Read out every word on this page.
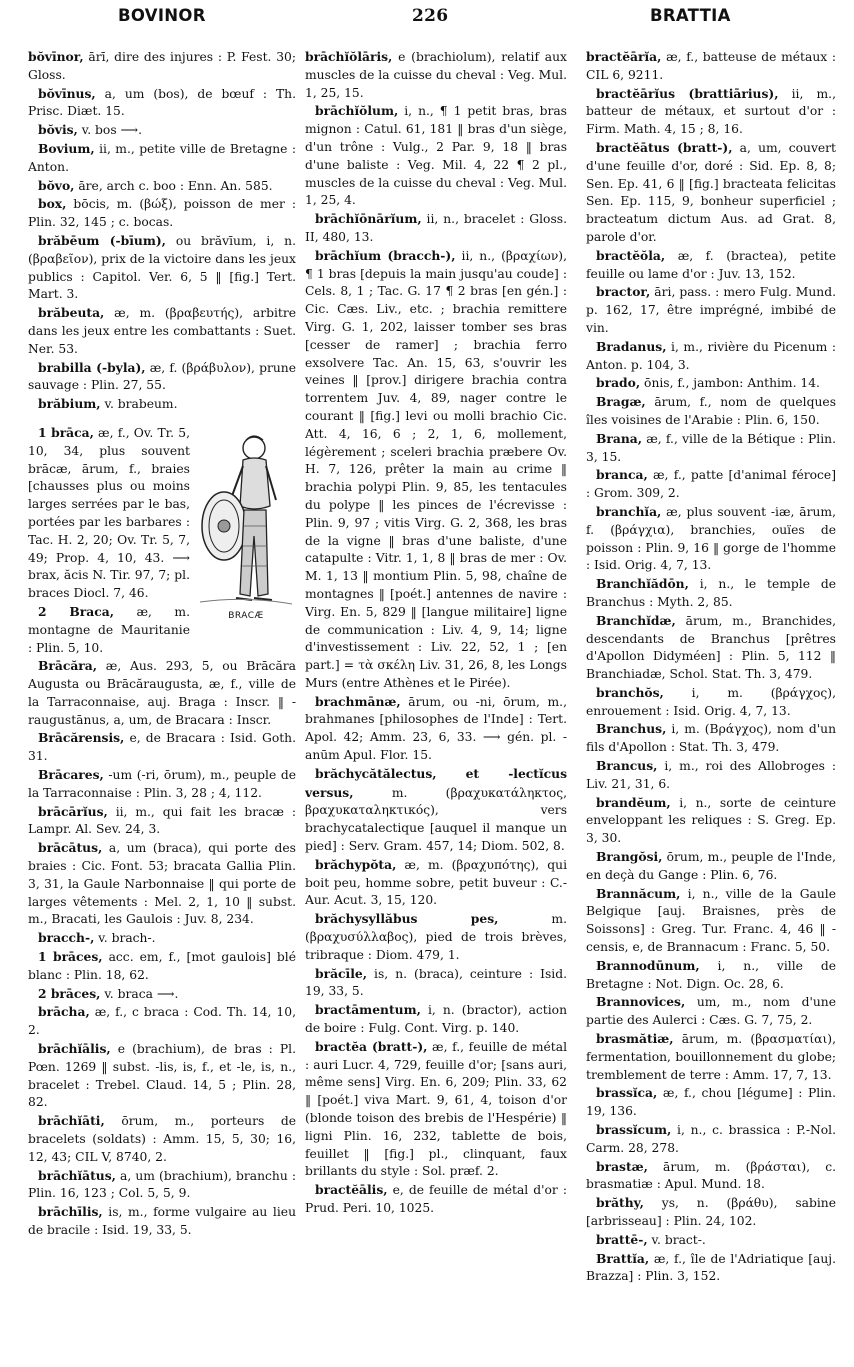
BOVINOR	226	BRATTIA

bŏvīnor, ārī, dire des injures : P. Fest. 30; Gloss.

bŏvīnus, a, um (bos), de bœuf : Th. Prisc. Diæt. 15.

bŏvis, v. bos ⟶.

Bovium, ii, m., petite ville de Bretagne : Anton.

bŏvo, āre, arch c. boo : Enn. An. 585.

box, bōcis, m. (βώξ), poisson de mer : Plin. 32, 145 ; c. bocas.

brăbēum (-bīum), ou brăvīum, i, n. (βραβεῖον), prix de la victoire dans les jeux publics : Capitol. Ver. 6, 5 ‖ [fig.] Tert. Mart. 3.

brăbeuta, æ, m. (βραβευτής), arbitre dans les jeux entre les combattants : Suet. Ner. 53.

brabilla (-byla), æ, f. (βράβυλον), prune sauvage : Plin. 27, 55.

brăbium, v. brabeum.

BRACÆ

1 brāca, æ, f., Ov. Tr. 5, 10, 34, plus souvent brācæ, ārum, f., braies [chausses plus ou moins larges serrées par le bas, portées par les barbares : Tac. H. 2, 20; Ov. Tr. 5, 7, 49; Prop. 4, 10, 43. ⟶ brax, ăcis N. Tir. 97, 7; pl. braces Diocl. 7, 46.

2 Braca, æ, m. montagne de Mauritanie : Plin. 5, 10.

Brācăra, æ, Aus. 293, 5, ou Brācăra Augusta ou Brācăraugusta, æ, f., ville de la Tarraconnaise, auj. Braga : Inscr. ‖ -raugustānus, a, um, de Bracara : Inscr.

Brācărensis, e, de Bracara : Isid. Goth. 31.

Brācares, -um (-ri, ōrum), m., peuple de la Tarraconnaise : Plin. 3, 28 ; 4, 112.

brācārĭus, ii, m., qui fait les bracæ : Lampr. Al. Sev. 24, 3.

brācātus, a, um (braca), qui porte des braies : Cic. Font. 53; bracata Gallia Plin. 3, 31, la Gaule Narbonnaise ‖ qui porte de larges vêtements : Mel. 2, 1, 10 ‖ subst. m., Bracati, les Gaulois : Juv. 8, 234.

bracch-, v. brach-.

1 brāces, acc. em, f., [mot gaulois] blé blanc : Plin. 18, 62.

2 brāces, v. braca ⟶.

brācha, æ, f., c braca : Cod. Th. 14, 10, 2.

brāchĭālis, e (brachium), de bras : Pl. Pœn. 1269 ‖ subst. -lis, is, f., et -le, is, n., bracelet : Trebel. Claud. 14, 5 ; Plin. 28, 82.

brāchĭāti, ōrum, m., porteurs de bracelets (soldats) : Amm. 15, 5, 30; 16, 12, 43; CIL V, 8740, 2.

brāchĭātus, a, um (brachium), branchu : Plin. 16, 123 ; Col. 5, 5, 9.

brāchīlis, is, m., forme vulgaire au lieu de bracile : Isid. 19, 33, 5.

brāchĭŏlāris, e (brachiolum), relatif aux muscles de la cuisse du cheval : Veg. Mul. 1, 25, 15.

brāchĭŏlum, i, n., ¶ 1 petit bras, bras mignon : Catul. 61, 181 ‖ bras d'un siège, d'un trône : Vulg., 2 Par. 9, 18 ‖ bras d'une baliste : Veg. Mil. 4, 22 ¶ 2 pl., muscles de la cuisse du cheval : Veg. Mul. 1, 25, 4.

brāchĭōnārĭum, ii, n., bracelet : Gloss. II, 480, 13.

brāchĭum (bracch-), ii, n., (βραχίων), ¶ 1 bras [depuis la main jusqu'au coude] : Cels. 8, 1 ; Tac. G. 17 ¶ 2 bras [en gén.] : Cic. Cæs. Liv., etc. ; brachia remittere Virg. G. 1, 202, laisser tomber ses bras [cesser de ramer] ; brachia ferro exsolvere Tac. An. 15, 63, s'ouvrir les veines ‖ [prov.] dirigere brachia contra torrentem Juv. 4, 89, nager contre le courant ‖ [fig.] levi ou molli brachio Cic. Att. 4, 16, 6 ; 2, 1, 6, mollement, légèrement ; sceleri brachia præbere Ov. H. 7, 126, prêter la main au crime ‖ brachia polypi Plin. 9, 85, les tentacules du polype ‖ les pinces de l'écrevisse : Plin. 9, 97 ; vitis Virg. G. 2, 368, les bras de la vigne ‖ bras d'une baliste, d'une catapulte : Vitr. 1, 1, 8 ‖ bras de mer : Ov. M. 1, 13 ‖ montium Plin. 5, 98, chaîne de montagnes ‖ [poét.] antennes de navire : Virg. En. 5, 829 ‖ [langue militaire] ligne de communication : Liv. 4, 9, 14; ligne d'investissement : Liv. 22, 52, 1 ; [en part.] = τὰ σκέλη Liv. 31, 26, 8, les Longs Murs (entre Athènes et le Pirée).

brachmānæ, ārum, ou -ni, ōrum, m., brahmanes [philosophes de l'Inde] : Tert. Apol. 42; Amm. 23, 6, 33. ⟶ gén. pl. -anūm Apul. Flor. 15.

brăchycătălectus, et -lectĭcus versus, m. (βραχυκατάληκτος, βραχυκαταληκτικός), vers brachycatalectique [auquel il manque un pied] : Serv. Gram. 457, 14; Diom. 502, 8.

brăchypŏta, æ, m. (βραχυπότης), qui boit peu, homme sobre, petit buveur : C.-Aur. Acut. 3, 15, 120.

brăchysyllăbus pes, m. (βραχυσύλλαβος), pied de trois brèves, tribraque : Diom. 479, 1.

brăcīle, is, n. (braca), ceinture : Isid. 19, 33, 5.

bractāmentum, i, n. (bractor), action de boire : Fulg. Cont. Virg. p. 140.

bractĕa (bratt-), æ, f., feuille de métal : auri Lucr. 4, 729, feuille d'or; [sans auri, même sens] Virg. En. 6, 209; Plin. 33, 62 ‖ [poét.] viva Mart. 9, 61, 4, toison d'or (blonde toison des brebis de l'Hespérie) ‖ ligni Plin. 16, 232, tablette de bois, feuillet ‖ [fig.] pl., clinquant, faux brillants du style : Sol. præf. 2.

bractĕālis, e, de feuille de métal d'or : Prud. Peri. 10, 1025.

bractĕārĭa, æ, f., batteuse de métaux : CIL 6, 9211.

bractĕārĭus (brattiārius), ii, m., batteur de métaux, et surtout d'or : Firm. Math. 4, 15 ; 8, 16.

bractĕātus (bratt-), a, um, couvert d'une feuille d'or, doré : Sid. Ep. 8, 8; Sen. Ep. 41, 6 ‖ [fig.] bracteata felicitas Sen. Ep. 115, 9, bonheur superficiel ; bracteatum dictum Aus. ad Grat. 8, parole d'or.

bractĕŏla, æ, f. (bractea), petite feuille ou lame d'or : Juv. 13, 152.

bractor, āri, pass. : mero Fulg. Mund. p. 162, 17, être imprégné, imbibé de vin.

Bradanus, i, m., rivière du Picenum : Anton. p. 104, 3.

brado, ōnis, f., jambon: Anthim. 14.

Bragæ, ārum, f., nom de quelques îles voisines de l'Arabie : Plin. 6, 150.

Brana, æ, f., ville de la Bétique : Plin. 3, 15.

branca, æ, f., patte [d'animal féroce] : Grom. 309, 2.

branchĭa, æ, plus souvent -iæ, ārum, f. (βράγχια), branchies, ouïes de poisson : Plin. 9, 16 ‖ gorge de l'homme : Isid. Orig. 4, 7, 13.

Branchĭădōn, i, n., le temple de Branchus : Myth. 2, 85.

Branchĭdæ, ārum, m., Branchides, descendants de Branchus [prêtres d'Apollon Didyméen] : Plin. 5, 112 ‖ Branchiadæ, Schol. Stat. Th. 3, 479.

branchŏs, i, m. (βράγχος), enrouement : Isid. Orig. 4, 7, 13.

Branchus, i, m. (Βράγχος), nom d'un fils d'Apollon : Stat. Th. 3, 479.

Brancus, i, m., roi des Allobroges : Liv. 21, 31, 6.

brandĕum, i, n., sorte de ceinture enveloppant les reliques : S. Greg. Ep. 3, 30.

Brangŏsi, ōrum, m., peuple de l'Inde, en deçà du Gange : Plin. 6, 76.

Brannăcum, i, n., ville de la Gaule Belgique [auj. Braisnes, près de Soissons] : Greg. Tur. Franc. 4, 46 ‖ -censis, e, de Brannacum : Franc. 5, 50.

Brannodūnum, i, n., ville de Bretagne : Not. Dign. Oc. 28, 6.

Brannovices, um, m., nom d'une partie des Aulerci : Cæs. G. 7, 75, 2.

brasmătiæ, ārum, m. (βρασματίαι), fermentation, bouillonnement du globe; tremblement de terre : Amm. 17, 7, 13.

brassĭca, æ, f., chou [légume] : Plin. 19, 136.

brassĭcum, i, n., c. brassica : P.-Nol. Carm. 28, 278.

brastæ, ārum, m. (βράσται), c. brasmatiæ : Apul. Mund. 18.

brăthy, ys, n. (βράθυ), sabine [arbrisseau] : Plin. 24, 102.

brattē-, v. bract-.

Brattĭa, æ, f., île de l'Adriatique [auj. Brazza] : Plin. 3, 152.
